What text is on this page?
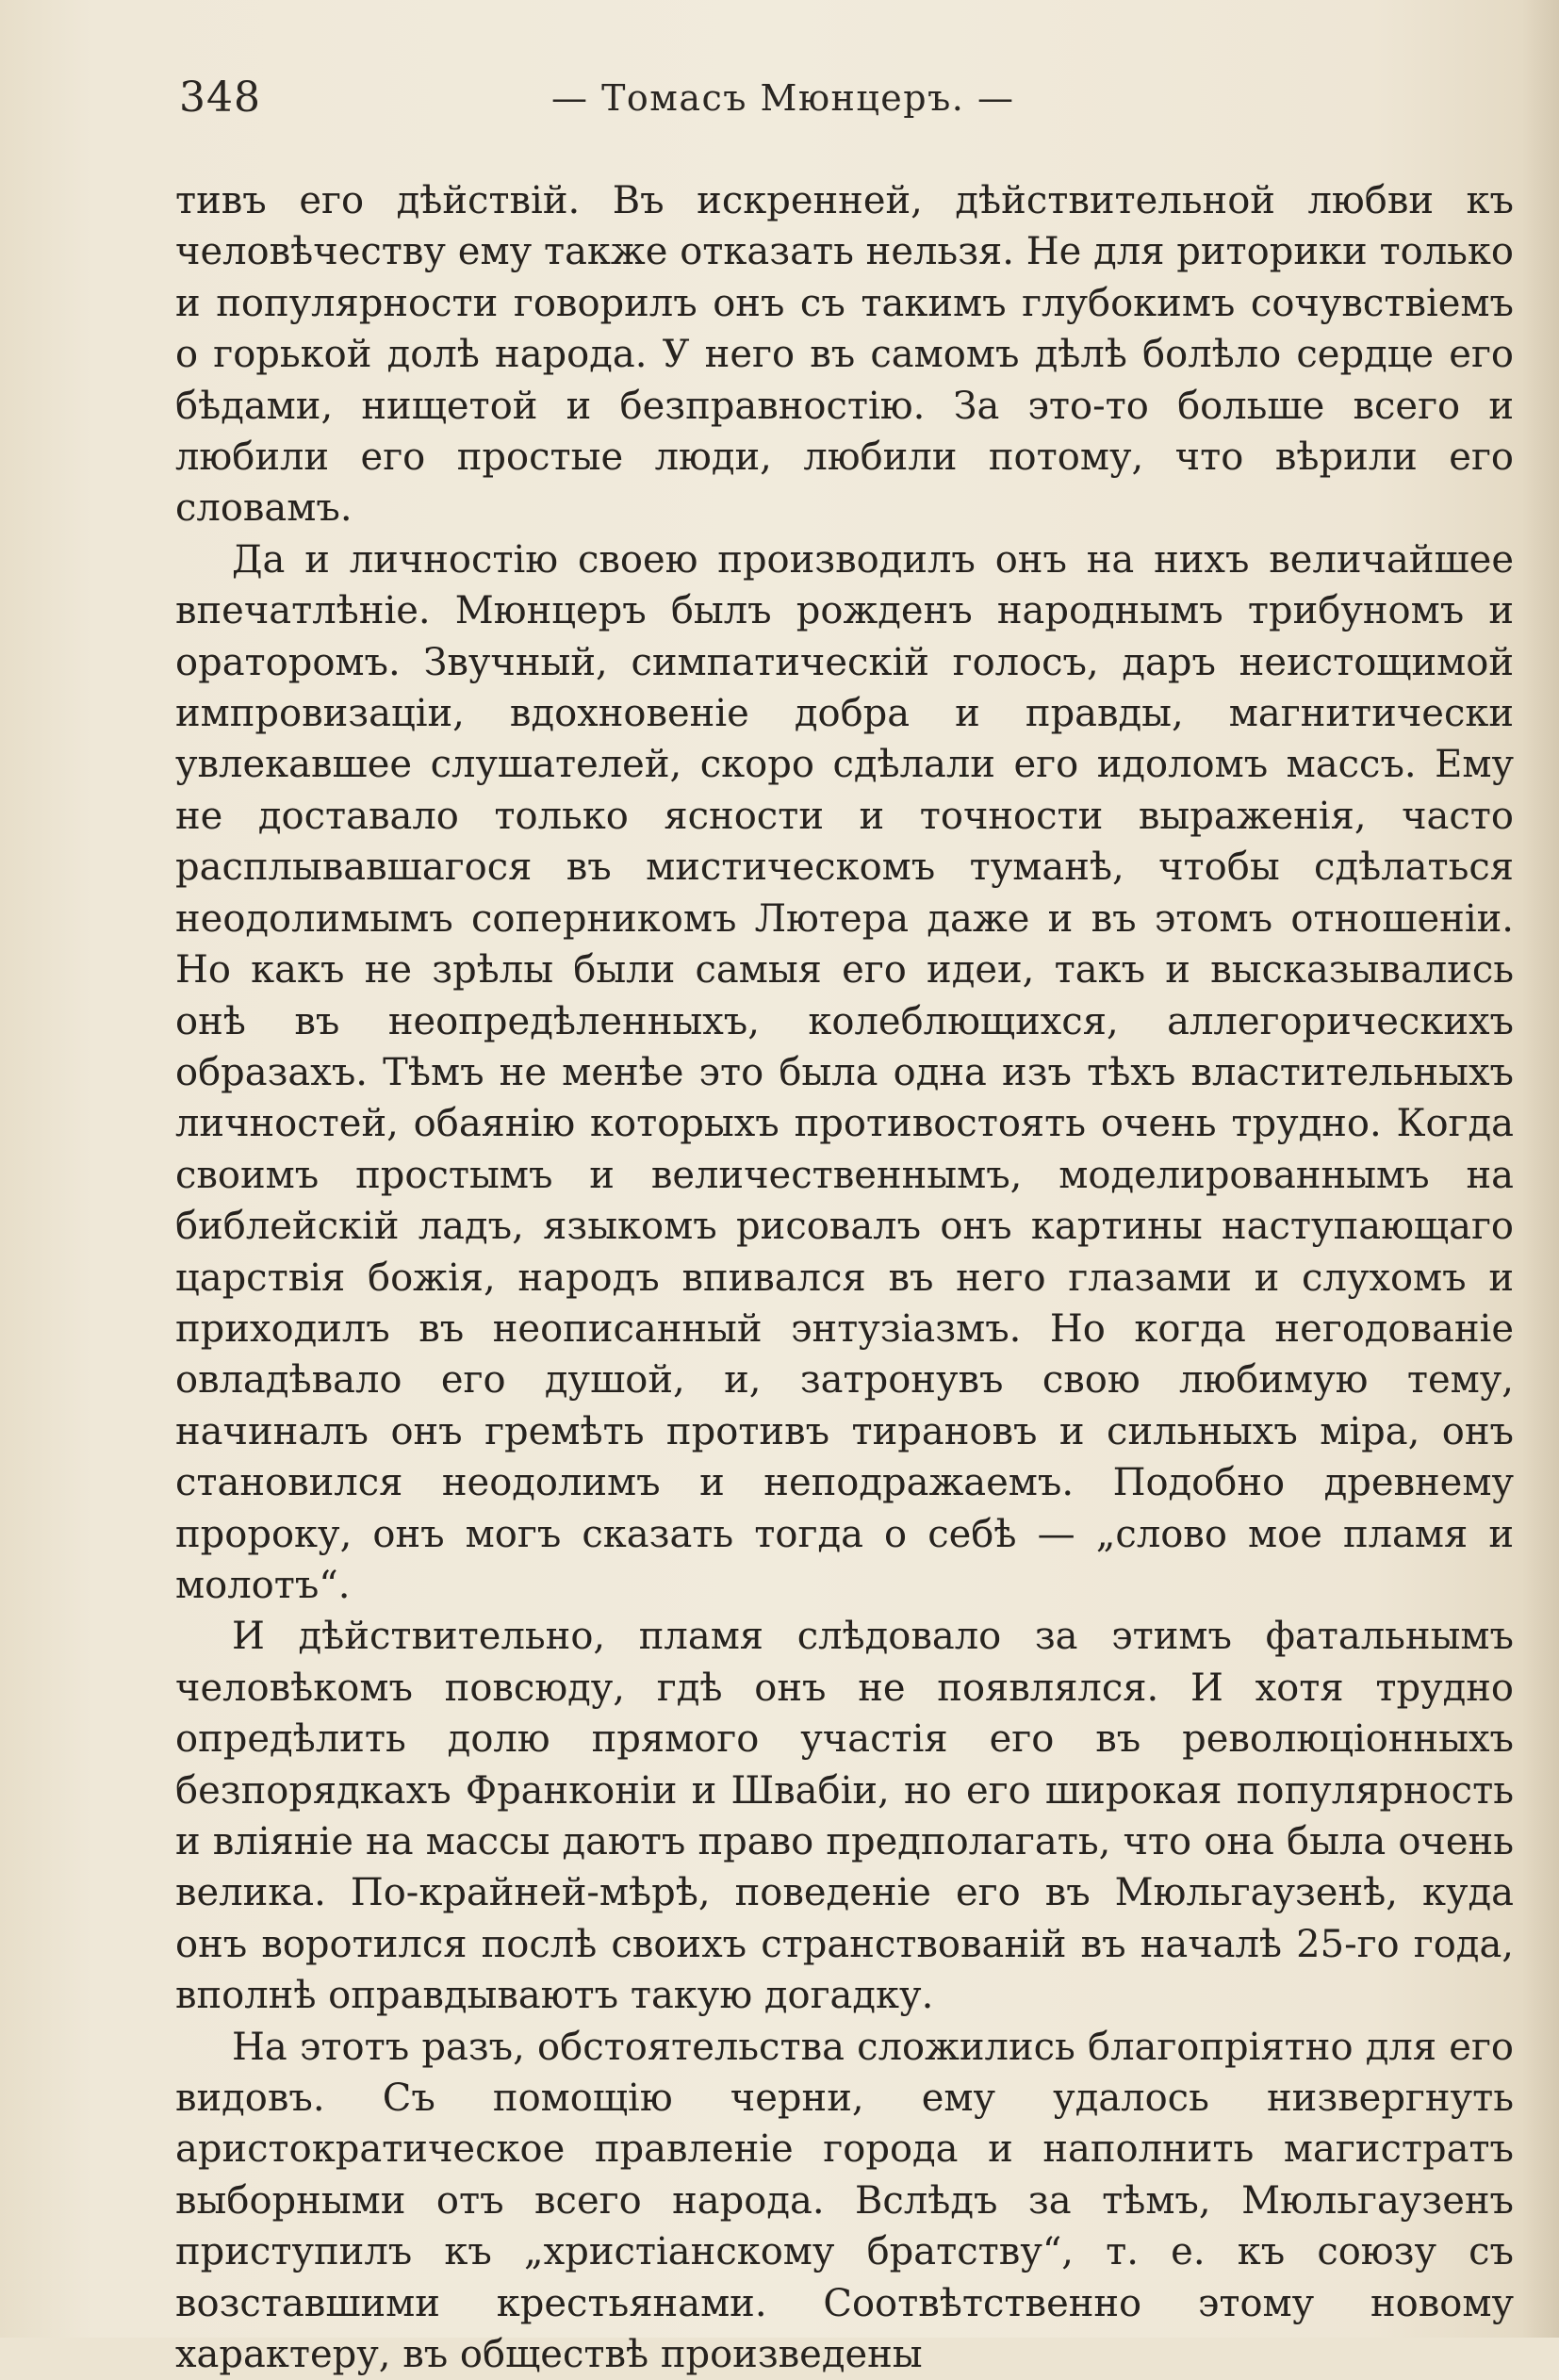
348	— Томасъ Мюнцеръ. —

тивъ его дѣйствій. Въ искренней, дѣйствительной любви къ человѣчеству ему также отказать нельзя. Не для риторики только и популярности говорилъ онъ съ такимъ глубокимъ сочувствіемъ о горькой долѣ народа. У него въ самомъ дѣлѣ болѣло сердце его бѣдами, нищетой и безправностію. За это-то больше всего и любили его простые люди, любили потому, что вѣрили его словамъ.

Да и личностію своею производилъ онъ на нихъ величайшее впечатлѣніе. Мюнцеръ былъ рожденъ народнымъ трибуномъ и ораторомъ. Звучный, симпатическій голосъ, даръ неистощимой импровизаціи, вдохновеніе добра и правды, магнитически увлекавшее слушателей, скоро сдѣлали его идоломъ массъ. Ему не доставало только ясности и точности выраженія, часто расплывавшагося въ мистическомъ туманѣ, чтобы сдѣлаться неодолимымъ соперникомъ Лютера даже и въ этомъ отношеніи. Но какъ не зрѣлы были самыя его идеи, такъ и высказывались онѣ въ неопредѣленныхъ, колеблющихся, аллегорическихъ образахъ. Тѣмъ не менѣе это была одна изъ тѣхъ властительныхъ личностей, обаянію которыхъ противостоять очень трудно. Когда своимъ простымъ и величественнымъ, моделированнымъ на библейскій ладъ, языкомъ рисовалъ онъ картины наступающаго царствія божія, народъ впивался въ него глазами и слухомъ и приходилъ въ неописанный энтузіазмъ. Но когда негодованіе овладѣвало его душой, и, затронувъ свою любимую тему, начиналъ онъ гремѣть противъ тирановъ и сильныхъ міра, онъ становился неодолимъ и неподражаемъ. Подобно древнему пророку, онъ могъ сказать тогда о себѣ — „слово мое пламя и молотъ“.

И дѣйствительно, пламя слѣдовало за этимъ фатальнымъ человѣкомъ повсюду, гдѣ онъ не появлялся. И хотя трудно опредѣлить долю прямого участія его въ революціонныхъ безпорядкахъ Франконіи и Швабіи, но его широкая популярность и вліяніе на массы даютъ право предполагать, что она была очень велика. По-крайней-мѣрѣ, поведеніе его въ Мюльгаузенѣ, куда онъ воротился послѣ своихъ странствованій въ началѣ 25-го года, вполнѣ оправдываютъ такую догадку.

На этотъ разъ, обстоятельства сложились благопріятно для его видовъ. Съ помощію черни, ему удалось низвергнуть аристократическое правленіе города и наполнить магистратъ выборными отъ всего народа. Вслѣдъ за тѣмъ, Мюльгаузенъ приступилъ къ „христіанскому братству“, т. е. къ союзу съ возставшими крестьянами. Соотвѣтственно этому новому характеру, въ обществѣ произведены
